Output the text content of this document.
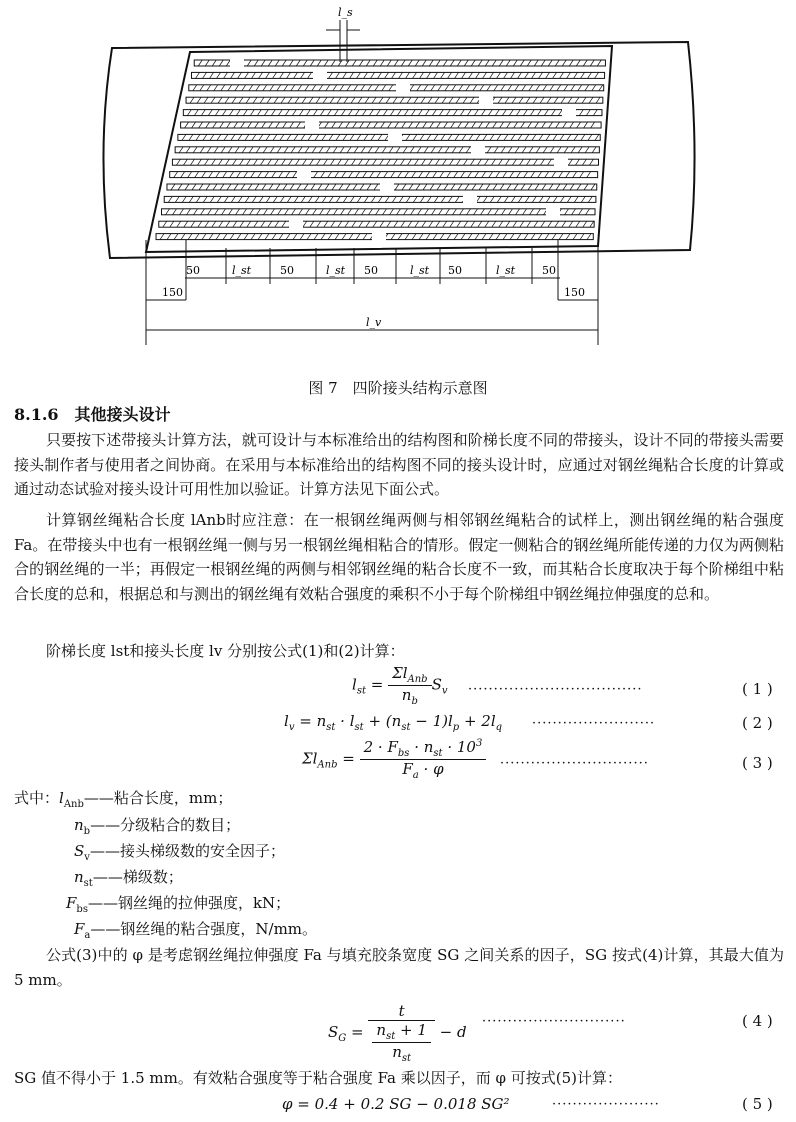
l_s
50	l_st	50	l_st 50	l_st 50	l_st 50
150	150
l_v
图 7　四阶接头结构示意图
8.1.6　其他接头设计
只要按下述带接头计算方法，就可设计与本标准给出的结构图和阶梯长度不同的带接头，设计不同的带接头需要接头制作者与使用者之间协商。在采用与本标准给出的结构图不同的接头设计时，应通过对钢丝绳粘合长度的计算或通过动态试验对接头设计可用性加以验证。计算方法见下面公式。
计算钢丝绳粘合长度 lAnb时应注意：在一根钢丝绳两侧与相邻钢丝绳粘合的试样上，测出钢丝绳的粘合强度 Fa。在带接头中也有一根钢丝绳一侧与另一根钢丝绳相粘合的情形。假定一侧粘合的钢丝绳所能传递的力仅为两侧粘合的钢丝绳的一半；再假定一根钢丝绳的两侧与相邻钢丝绳的粘合长度不一致，而其粘合长度取决于每个阶梯组中粘合长度的总和，根据总和与测出的钢丝绳有效粘合强度的乘积不小于每个阶梯组中钢丝绳拉伸强度的总和。
阶梯长度 lst和接头长度 lv 分别按公式(1)和(2)计算：
$l_{st} = \frac{\Sigma l_{Anb}}{n_b} S_v$ ··································	( 1 )
$l_v = n_{st} \cdot l_{st} + (n_{st} - 1)l_p + 2l_q$ ························	( 2 )
$\Sigma l_{Anb} = \frac{2 \cdot F_{bs} \cdot n_{st} \cdot 10^3}{F_a \cdot \varphi}$ ·····························	( 3 )
式中：$l_{Anb}——$粘合长度，mm；
$n_b——$分级粘合的数目；
$S_v——$接头梯级数的安全因子；
$n_{st}——$梯级数；
$F_{bs}——$钢丝绳的拉伸强度，kN；
$F_a——$钢丝绳的粘合强度，N/mm。
公式(3)中的 φ 是考虑钢丝绳拉伸强度 Fa 与填充胶条宽度 SG 之间关系的因子，SG 按式(4)计算，其最大值为 5 mm。
$S_G = \frac{t}{\frac{n_{st} + 1}{n_{st}}} - d$
····························	( 4 )
SG 值不得小于 1.5 mm。有效粘合强度等于粘合强度 Fa 乘以因子，而 φ 可按式(5)计算：
φ = 0.4 + 0.2 SG − 0.018 SG²	·····················	( 5 )
